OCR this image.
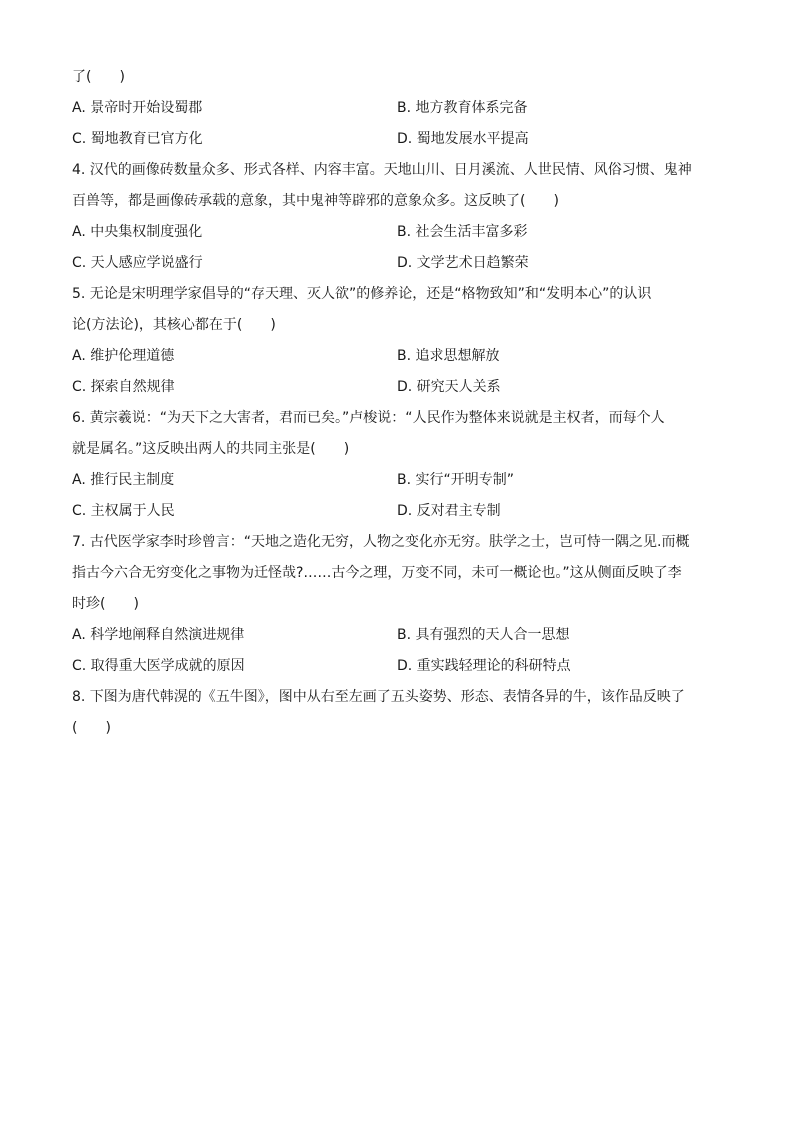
了(　　)
A. 景帝时开始设蜀郡	B. 地方教育体系完备
C. 蜀地教育已官方化	D. 蜀地发展水平提高
4. 汉代的画像砖数量众多、形式各样、内容丰富。天地山川、日月溪流、人世民情、风俗习惯、鬼神
百兽等，都是画像砖承载的意象，其中鬼神等辟邪的意象众多。这反映了(　　)
A. 中央集权制度强化	B. 社会生活丰富多彩
C. 天人感应学说盛行	D. 文学艺术日趋繁荣
5. 无论是宋明理学家倡导的“存天理、灭人欲”的修养论，还是“格物致知”和“发明本心”的认识
论(方法论)，其核心都在于(　　)
A. 维护伦理道德	B. 追求思想解放
C. 探索自然规律	D. 研究天人关系
6. 黄宗羲说：“为天下之大害者，君而已矣。”卢梭说：“人民作为整体来说就是主权者，而每个人
就是属名。”这反映出两人的共同主张是(　　)
A. 推行民主制度	B. 实行“开明专制”
C. 主权属于人民	D. 反对君主专制
7. 古代医学家李时珍曾言：“天地之造化无穷，人物之变化亦无穷。肤学之士，岂可恃一隅之见.而概
指古今六合无穷变化之事物为迁怪哉?……古今之理，万变不同，未可一概论也。”这从侧面反映了李
时珍(　　)
A. 科学地阐释自然演进规律	B. 具有强烈的天人合一思想
C. 取得重大医学成就的原因	D. 重实践轻理论的科研特点
8. 下图为唐代韩滉的《五牛图》，图中从右至左画了五头姿势、形态、表情各异的牛，该作品反映了
(　　)
